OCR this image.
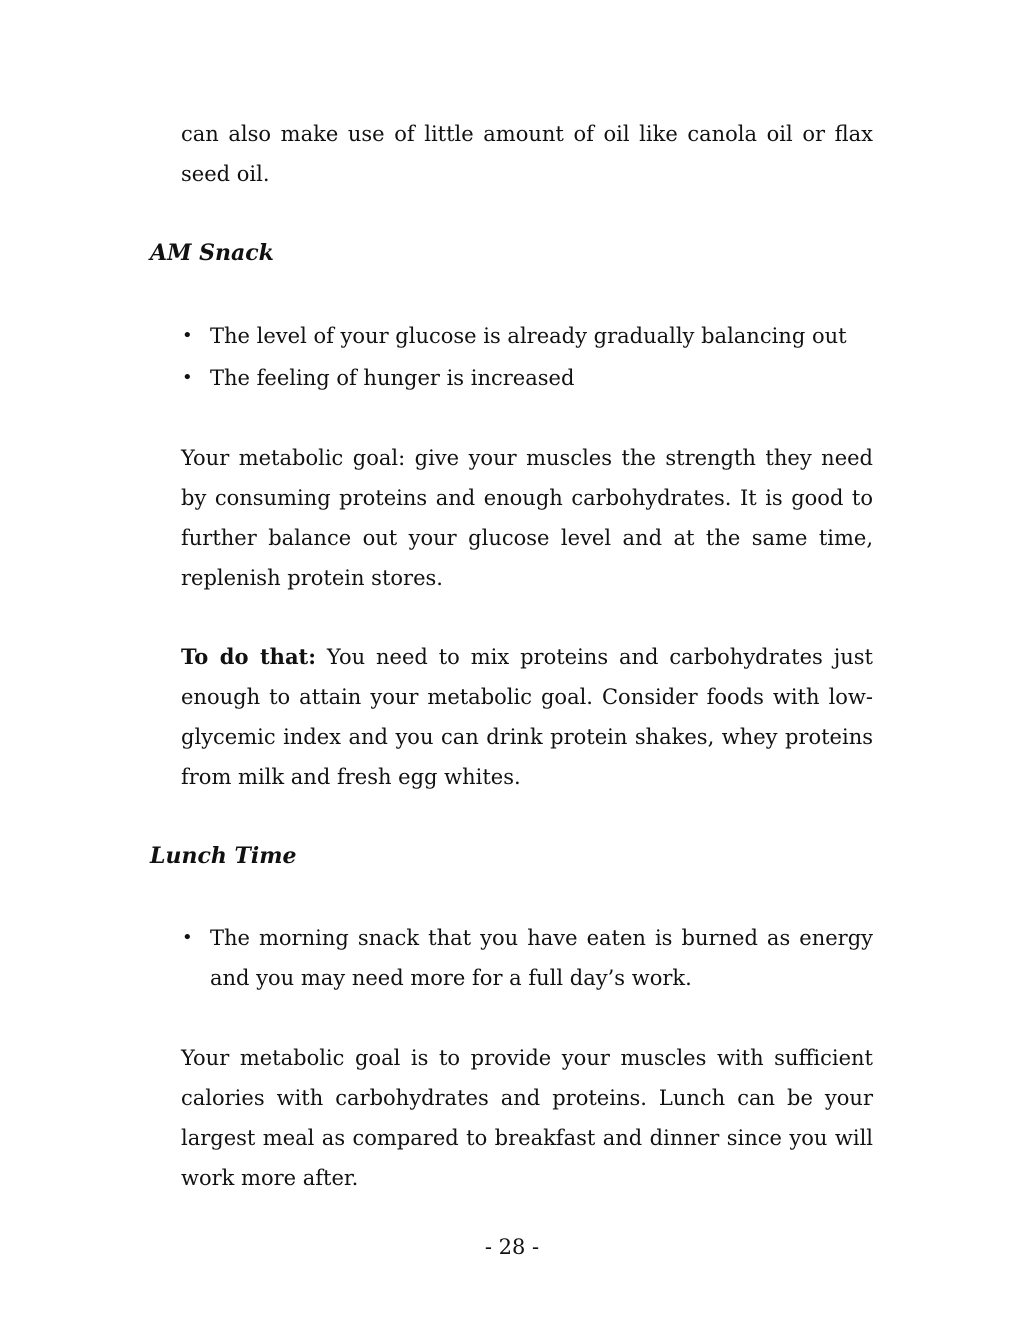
can also make use of little amount of oil like canola oil or flax seed oil.

AM Snack
• The level of your glucose is already gradually balancing out
• The feeling of hunger is increased

Your metabolic goal: give your muscles the strength they need by consuming proteins and enough carbohydrates. It is good to further balance out your glucose level and at the same time, replenish protein stores.

To do that: You need to mix proteins and carbohydrates just enough to attain your metabolic goal. Consider foods with low-glycemic index and you can drink protein shakes, whey proteins from milk and fresh egg whites.

Lunch Time
• The morning snack that you have eaten is burned as energy and you may need more for a full day’s work.

Your metabolic goal is to provide your muscles with sufficient calories with carbohydrates and proteins. Lunch can be your largest meal as compared to breakfast and dinner since you will work more after.

- 28 -
